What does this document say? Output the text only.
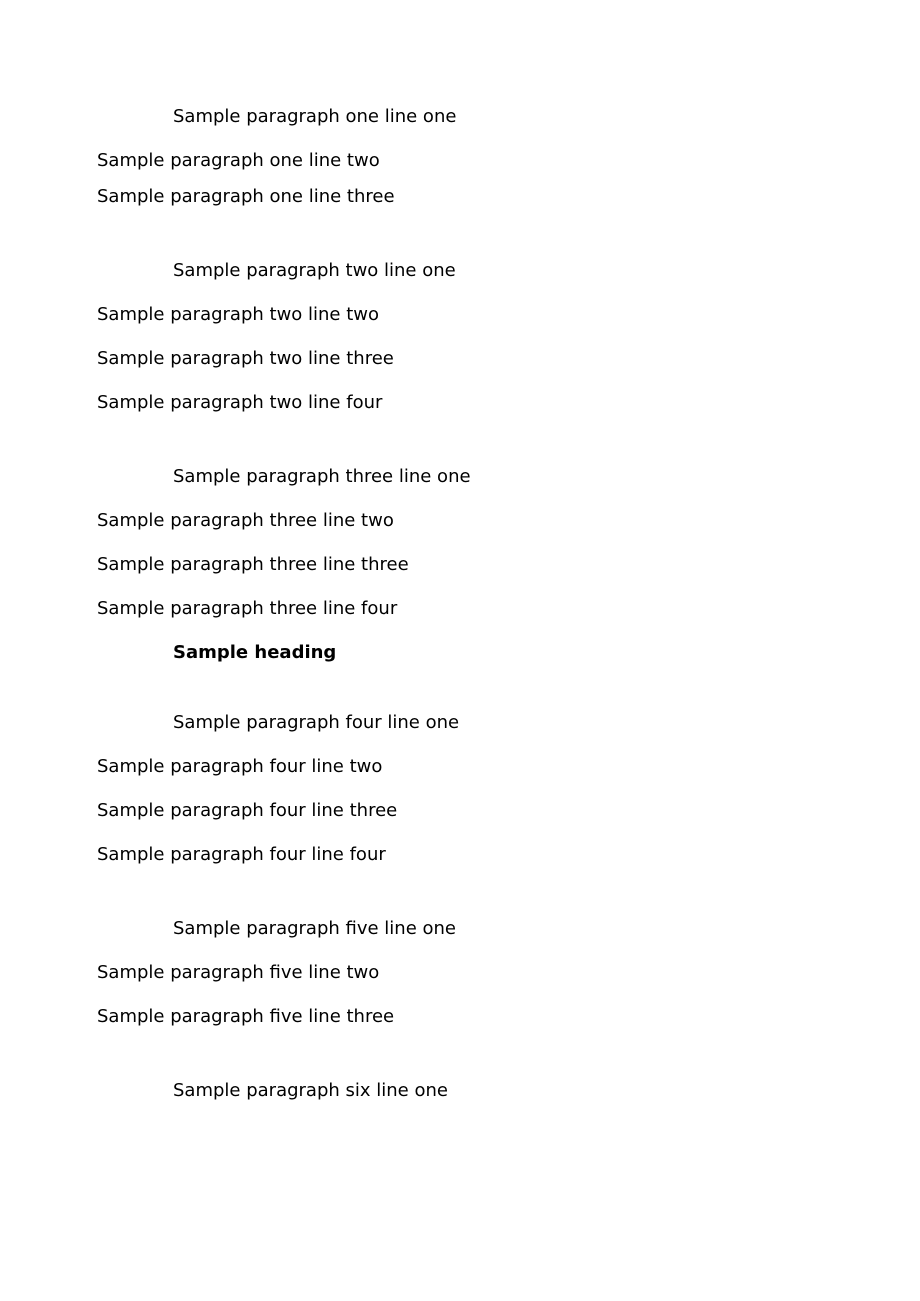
Sample paragraph one line one
Sample paragraph one line two
Sample paragraph one line three

Sample paragraph two line one
Sample paragraph two line two
Sample paragraph two line three
Sample paragraph two line four

Sample paragraph three line one
Sample paragraph three line two
Sample paragraph three line three
Sample paragraph three line four

Sample heading

Sample paragraph four line one
Sample paragraph four line two
Sample paragraph four line three
Sample paragraph four line four

Sample paragraph five line one
Sample paragraph five line two
Sample paragraph five line three

Sample paragraph six line one
